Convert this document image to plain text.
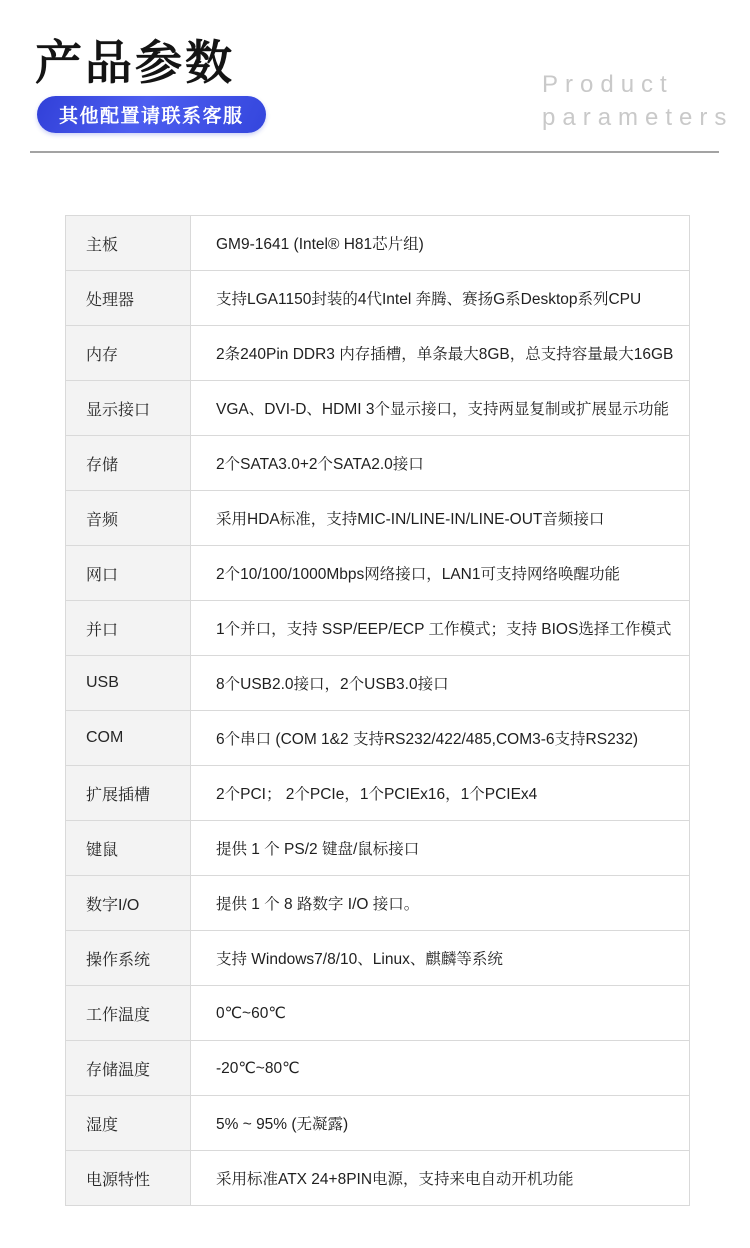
产品参数
其他配置请联系客服
Product
parameters
主板	GM9-1641 (Intel® H81芯片组)
处理器	支持LGA1150封装的4代Intel 奔腾、赛扬G系Desktop系列CPU
内存	2条240Pin DDR3 内存插槽，单条最大8GB，总支持容量最大16GB
显示接口	VGA、DVI-D、HDMI 3个显示接口，支持两显复制或扩展显示功能
存储	2个SATA3.0+2个SATA2.0接口
音频	采用HDA标准，支持MIC-IN/LINE-IN/LINE-OUT音频接口
网口	2个10/100/1000Mbps网络接口，LAN1可支持网络唤醒功能
并口	1个并口，支持 SSP/EEP/ECP 工作模式；支持 BIOS选择工作模式
USB	8个USB2.0接口，2个USB3.0接口
COM	6个串口 (COM 1&2 支持RS232/422/485,COM3-6支持RS232)
扩展插槽	2个PCI； 2个PCIe，1个PCIEx16，1个PCIEx4
键鼠	提供 1 个 PS/2 键盘/鼠标接口
数字I/O	提供 1 个 8 路数字 I/O 接口。
操作系统	支持 Windows7/8/10、Linux、麒麟等系统
工作温度	0℃~60℃
存储温度	-20℃~80℃
湿度	5% ~ 95% (无凝露)
电源特性	采用标准ATX 24+8PIN电源，支持来电自动开机功能
